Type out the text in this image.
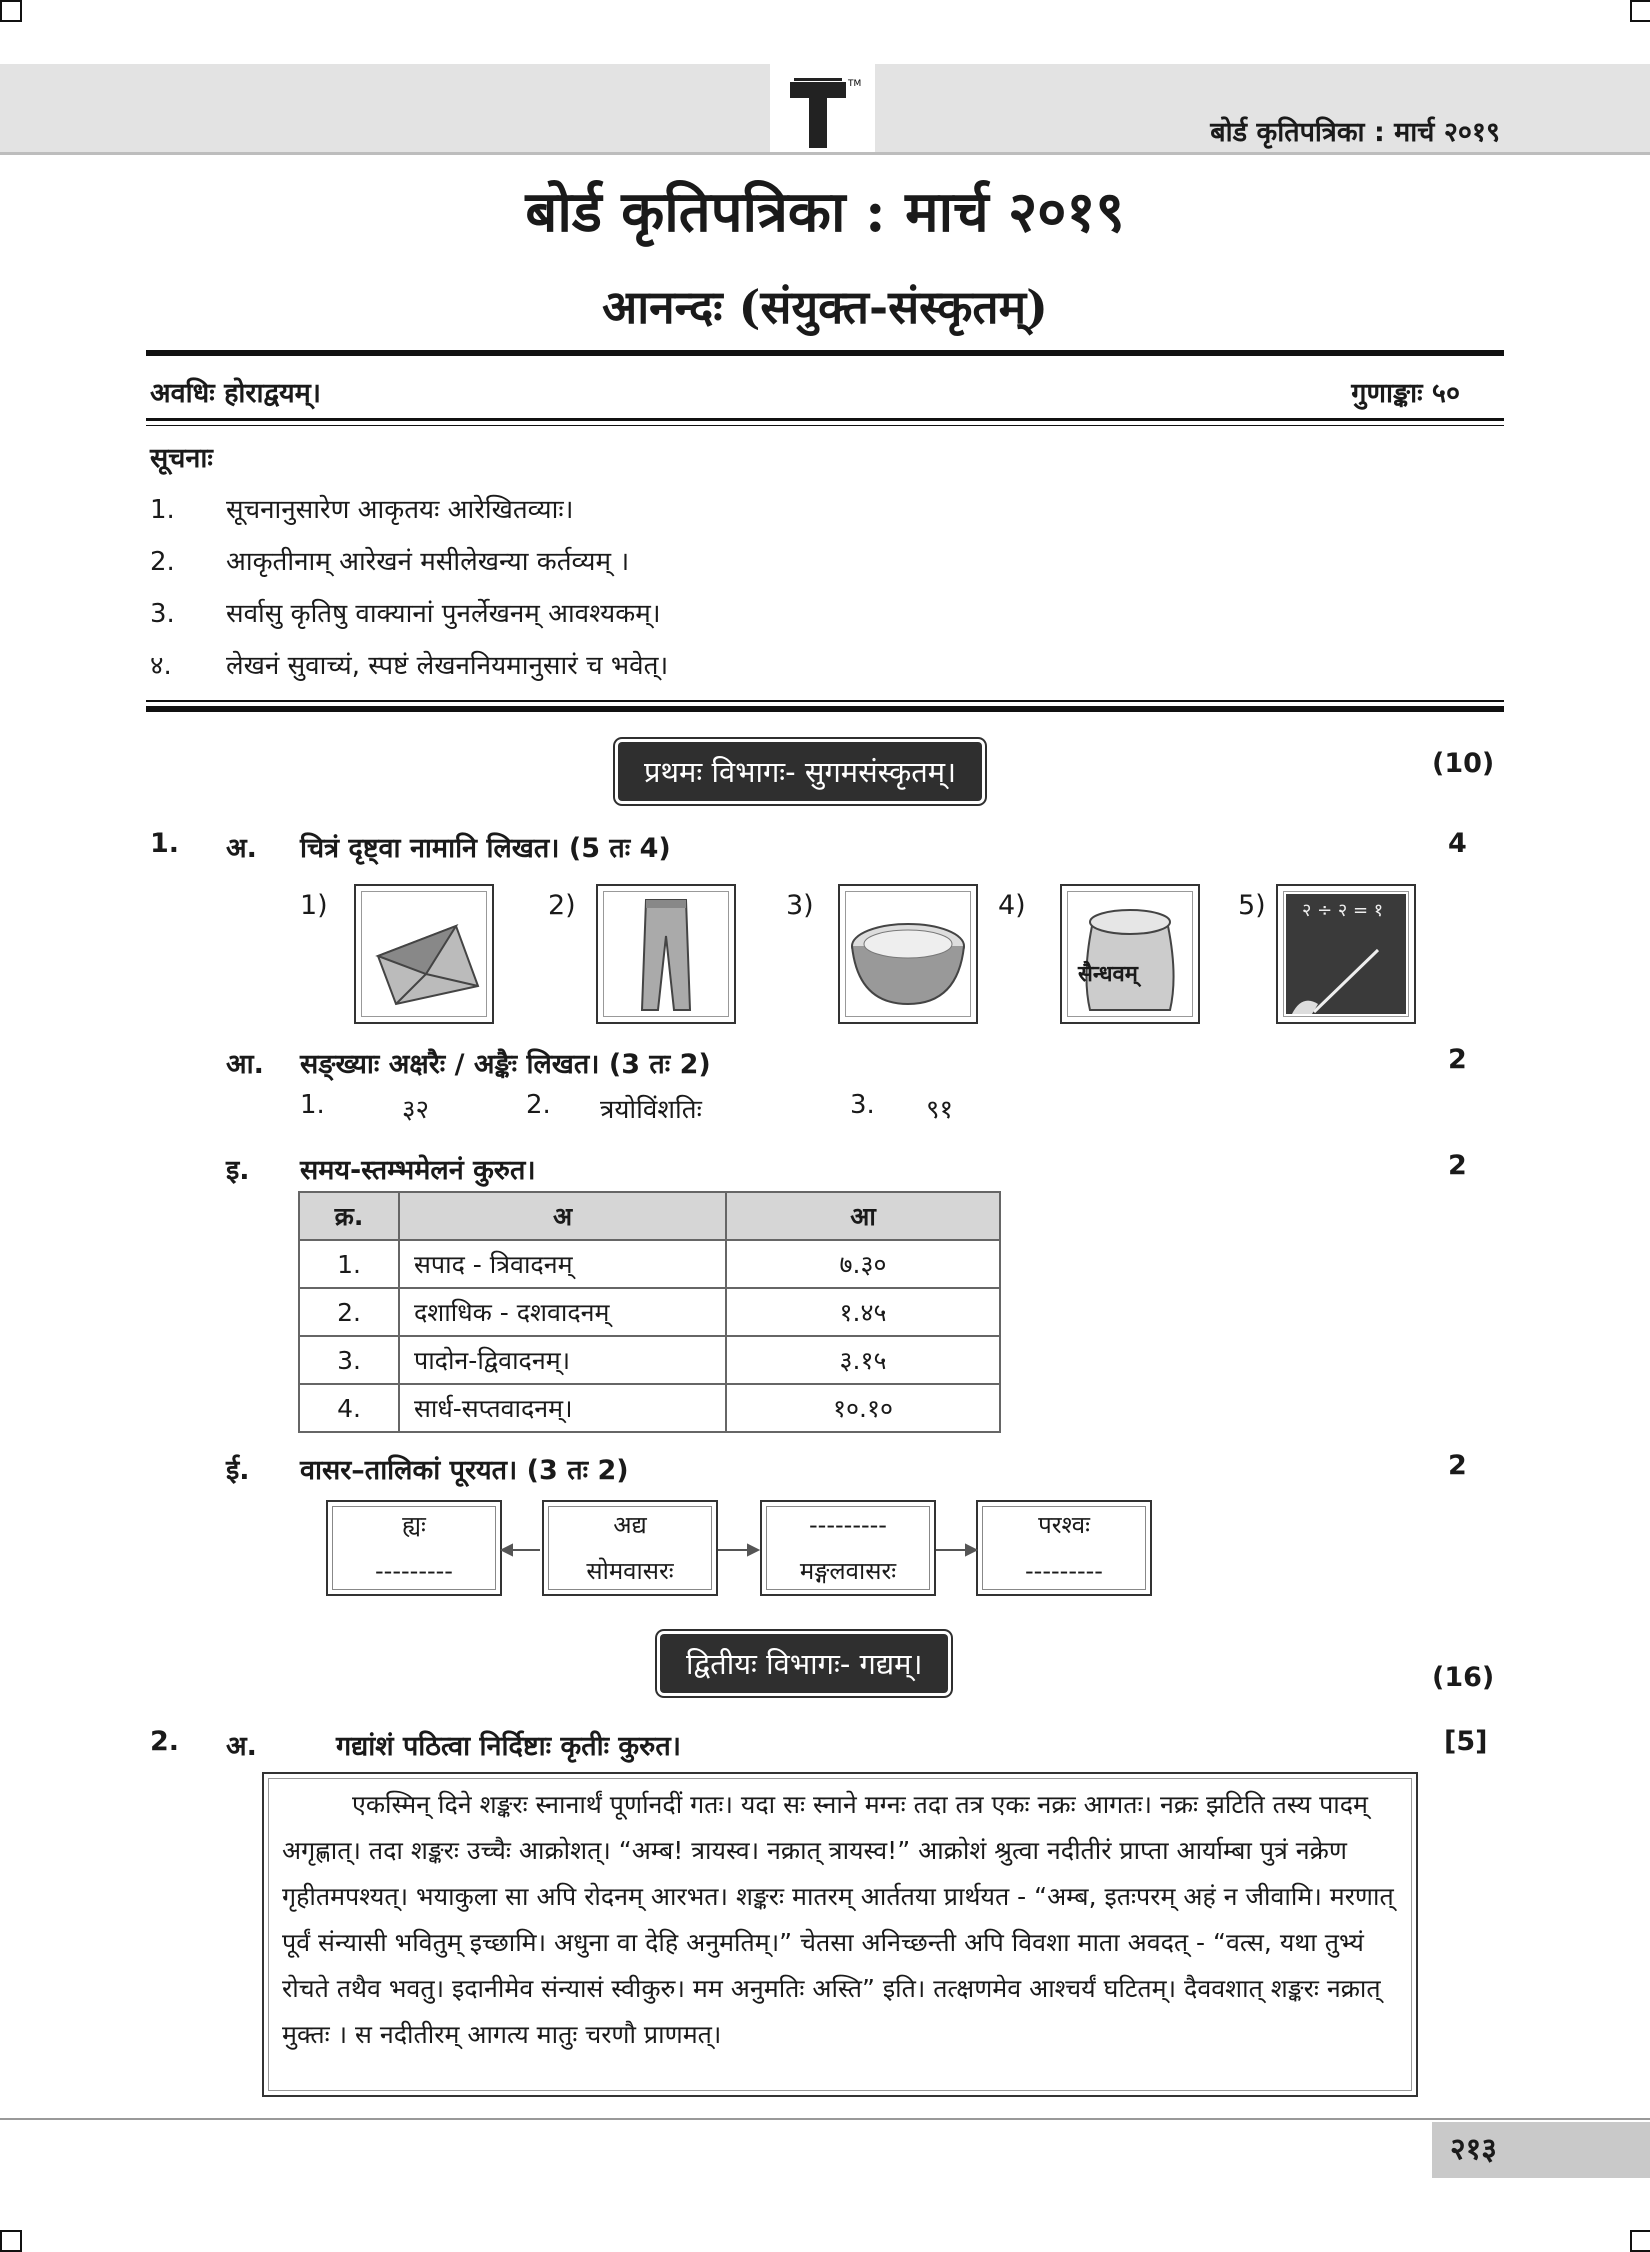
TM
बोर्ड कृतिपत्रिका : मार्च २०१९
बोर्ड कृतिपत्रिका : मार्च २०१९
आनन्दः (संयुक्त-संस्कृतम्)
अवधिः होराद्वयम्।	गुणाङ्काः ५०
सूचनाः
1. सूचनानुसारेण आकृतयः आरेखितव्याः।
2. आकृतीनाम् आरेखनं मसीलेखन्या कर्तव्यम् ।
3. सर्वासु कृतिषु वाक्यानां पुनर्लेखनम् आवश्यकम्।
४. लेखनं सुवाच्यं, स्पष्टं लेखननियमानुसारं च भवेत्।
प्रथमः विभागः- सुगमसंस्कृतम्।	(10)
1. अ. चित्रं दृष्ट्वा नामानि लिखत। (5 तः 4)	4
1)	2)	3)	4)
सैन्धवम्
5) २ ÷ २ = १
आ. सङ्ख्याः अक्षरैः / अङ्कैः लिखत। (3 तः 2)	2
1.	३२	2. त्रयोविंशतिः	3. ९१
इ. समय-स्तम्भमेलनं कुरुत।	2
क्र.	अ	आ
1.	सपाद - त्रिवादनम्	७.३०
2.	दशाधिक - दशवादनम्	१.४५
3.	पादोन-द्विवादनम्।	३.१५
4.	सार्ध-सप्तवादनम्।	१०.१०
ई. वासर–तालिकां पूरयत। (3 तः 2)	2
ह्यः
---------
अद्य
सोमवासरः
---------
मङ्गलवासरः
परश्वः
---------
द्वितीयः विभागः- गद्यम्।	(16)
2. अ.	गद्यांशं पठित्वा निर्दिष्टाः कृतीः कुरुत।	[5]

एकस्मिन् दिने शङ्करः स्नानार्थं पूर्णानदीं गतः। यदा सः स्नाने मग्नः तदा तत्र एकः नक्रः आगतः। नक्रः झटिति तस्य पादम् अगृह्णात्। तदा शङ्करः उच्चैः आक्रोशत्। “अम्ब! त्रायस्व। नक्रात् त्रायस्व!” आक्रोशं श्रुत्वा नदीतीरं प्राप्ता आर्याम्बा पुत्रं नक्रेण गृहीतमपश्यत्। भयाकुला सा अपि रोदनम् आरभत। शङ्करः मातरम् आर्ततया प्रार्थयत - “अम्ब, इतःपरम् अहं न जीवामि। मरणात् पूर्वं संन्यासी भवितुम् इच्छामि। अधुना वा देहि अनुमतिम्।” चेतसा अनिच्छन्ती अपि विवशा माता अवदत् - “वत्स, यथा तुभ्यं रोचते तथैव भवतु। इदानीमेव संन्यासं स्वीकुरु। मम अनुमतिः अस्ति” इति। तत्क्षणमेव आश्चर्यं घटितम्। दैववशात् शङ्करः नक्रात् मुक्तः । स नदीतीरम् आगत्य मातुः चरणौ प्राणमत्।

२१३
